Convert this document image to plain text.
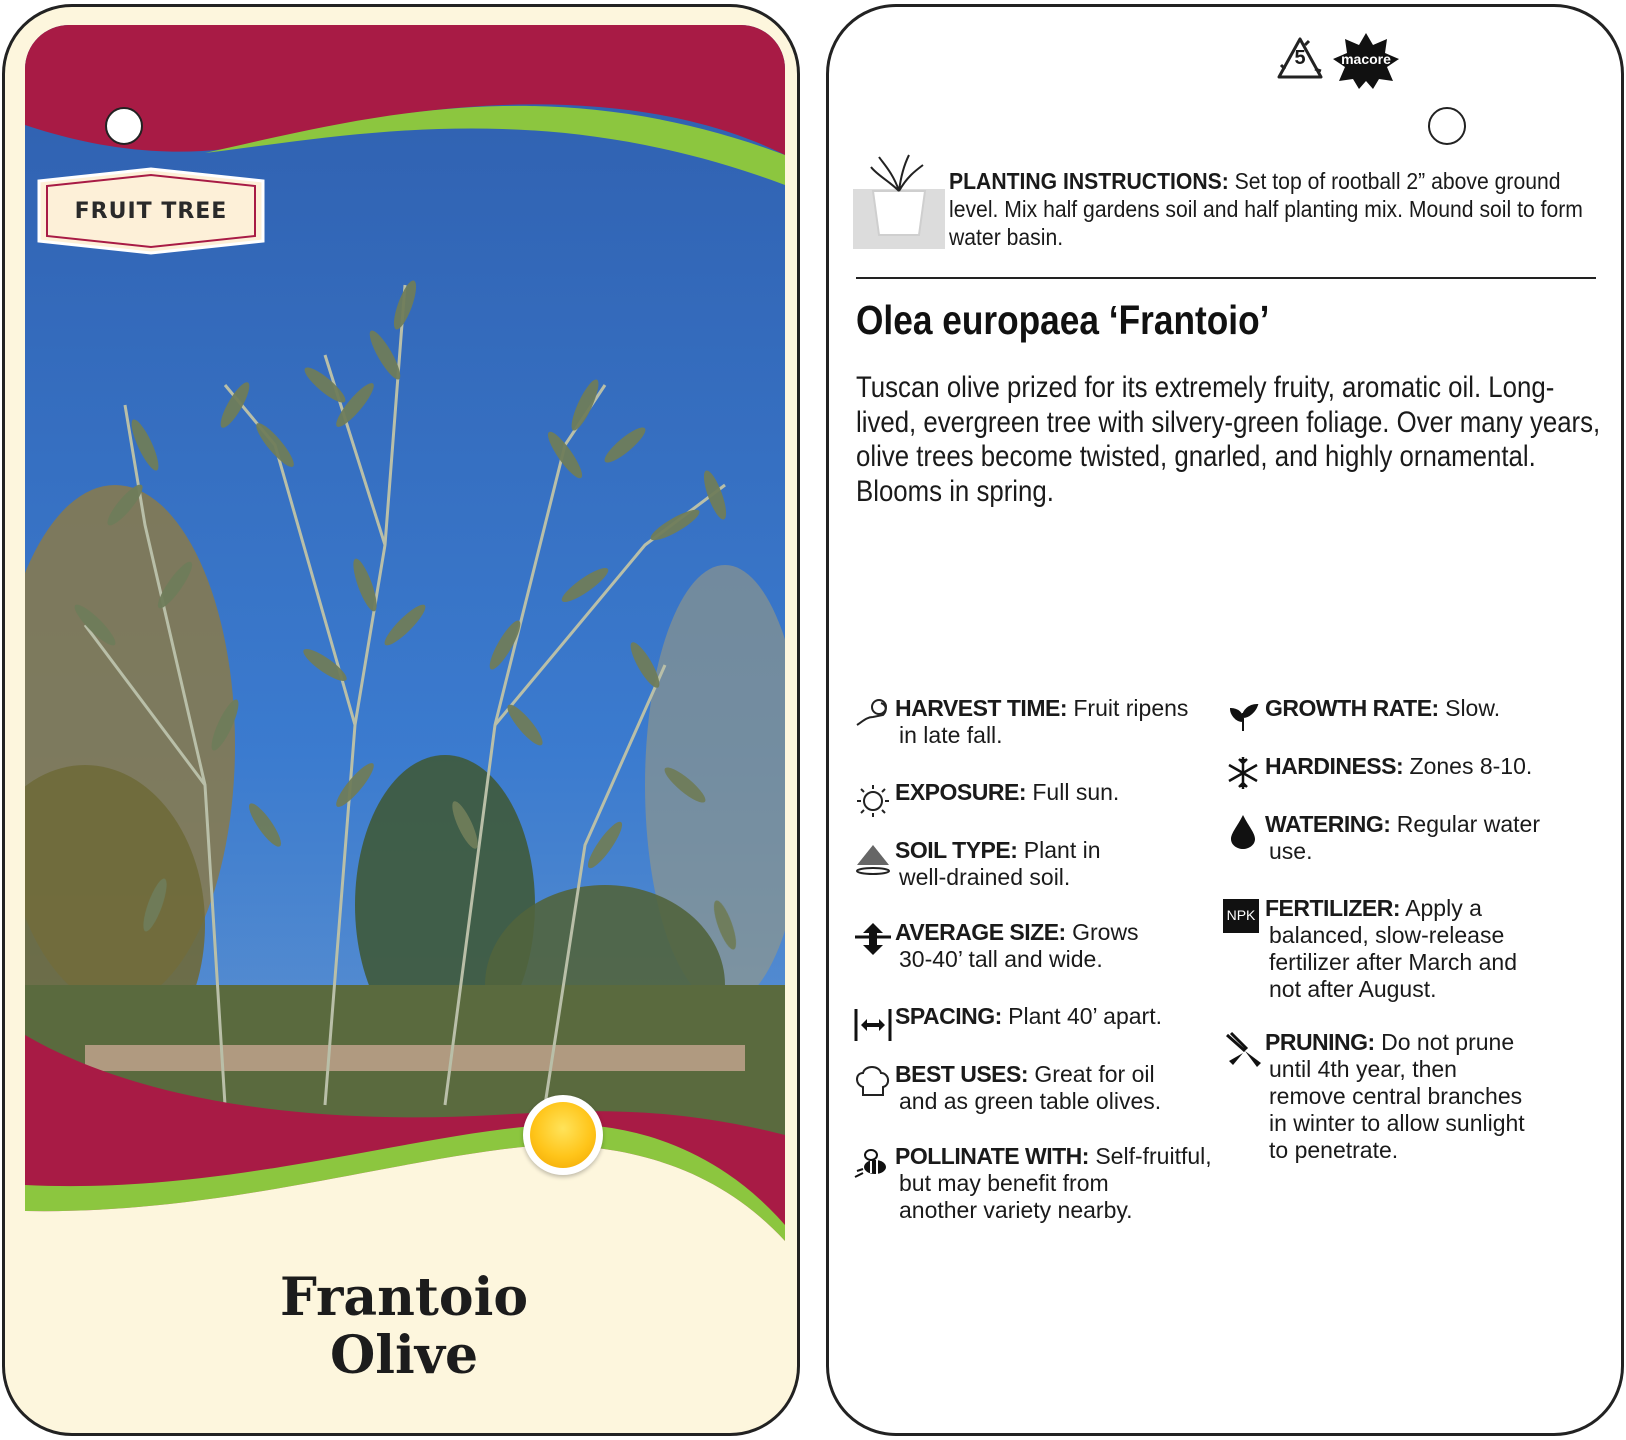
FRUIT TREE
Frantoio
Olive
5	macore

PLANTING INSTRUCTIONS: Set top of rootball 2” above ground level. Mix half gardens soil and half planting mix. Mound soil to form water basin.

Olea europaea ‘Frantoio’

Tuscan olive prized for its extremely fruity, aromatic oil. Long-lived, evergreen tree with silvery-green foliage. Over many years, olive trees become twisted, gnarled, and highly ornamental. Blooms in spring.

HARVEST TIME: Fruit ripens
in late fall.
EXPOSURE: Full sun.
SOIL TYPE: Plant in
well-drained soil.
AVERAGE SIZE: Grows
30-40’ tall and wide.
SPACING: Plant 40’ apart.
BEST USES: Great for oil
and as green table olives.
POLLINATE WITH: Self-fruitful,
but may benefit from
another variety nearby.
GROWTH RATE: Slow.
HARDINESS: Zones 8-10.
WATERING: Regular water
use.
NPK FERTILIZER: Apply a
balanced, slow-release
fertilizer after March and
not after August.
PRUNING: Do not prune
until 4th year, then
remove central branches
in winter to allow sunlight
to penetrate.
